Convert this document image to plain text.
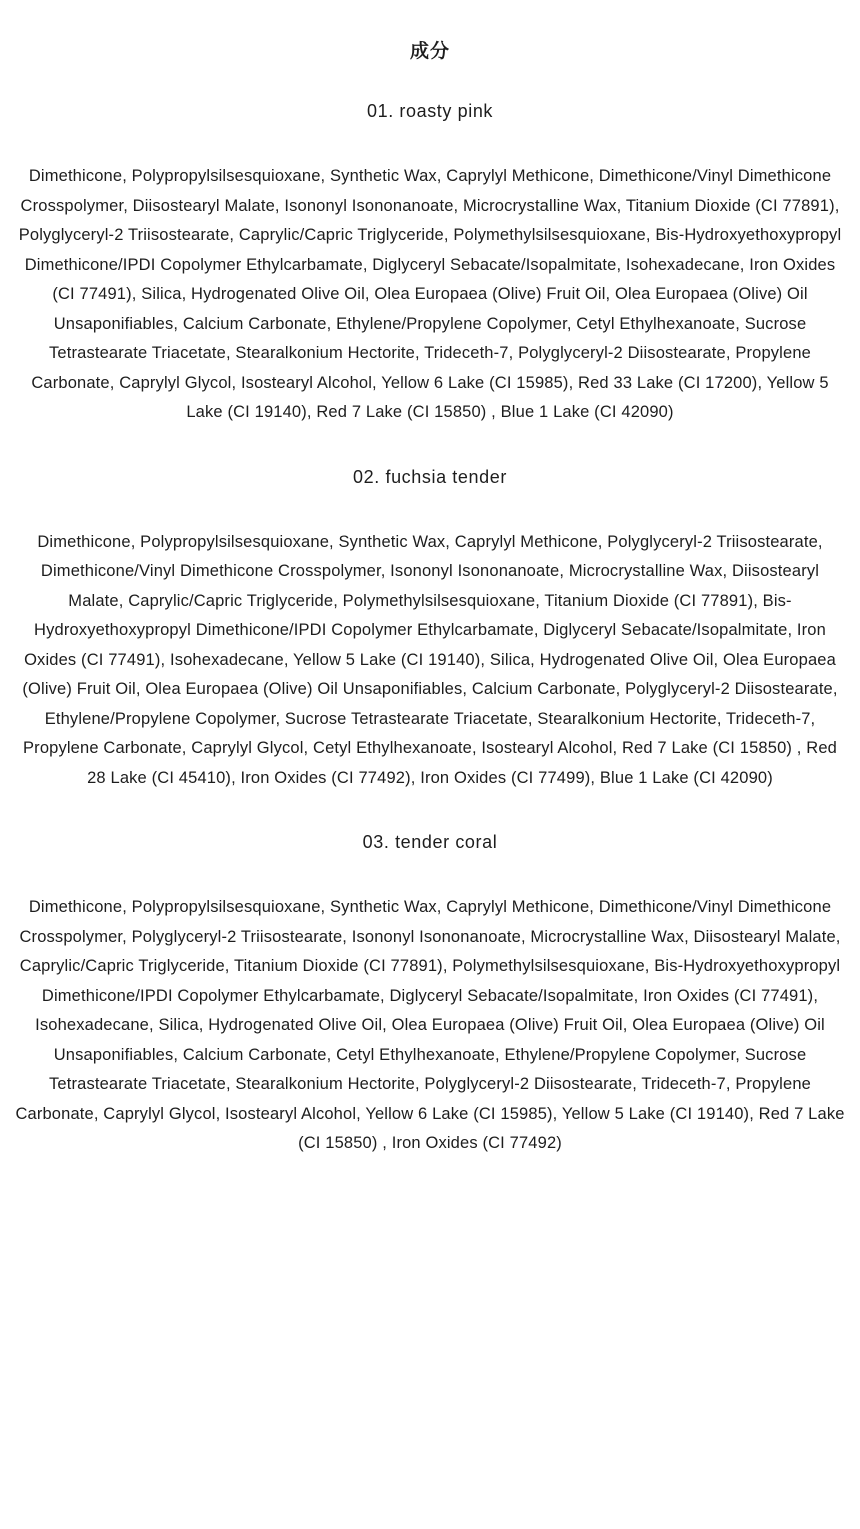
成分
01. roasty pink

Dimethicone, Polypropylsilsesquioxane, Synthetic Wax, Caprylyl Methicone, Dimethicone/Vinyl Dimethicone Crosspolymer, Diisostearyl Malate, Isononyl Isononanoate, Microcrystalline Wax, Titanium Dioxide (CI 77891), Polyglyceryl-2 Triisostearate, Caprylic/Capric Triglyceride, Polymethylsilsesquioxane, Bis-Hydroxyethoxypropyl Dimethicone/IPDI Copolymer Ethylcarbamate, Diglyceryl Sebacate/Isopalmitate, Isohexadecane, Iron Oxides (CI 77491), Silica, Hydrogenated Olive Oil, Olea Europaea (Olive) Fruit Oil, Olea Europaea (Olive) Oil Unsaponifiables, Calcium Carbonate, Ethylene/Propylene Copolymer, Cetyl Ethylhexanoate, Sucrose Tetrastearate Triacetate, Stearalkonium Hectorite, Trideceth-7, Polyglyceryl-2 Diisostearate, Propylene Carbonate, Caprylyl Glycol, Isostearyl Alcohol, Yellow 6 Lake (CI 15985), Red 33 Lake (CI 17200), Yellow 5 Lake (CI 19140), Red 7 Lake (CI 15850) , Blue 1 Lake (CI 42090)

02. fuchsia tender

Dimethicone, Polypropylsilsesquioxane, Synthetic Wax, Caprylyl Methicone, Polyglyceryl-2 Triisostearate, Dimethicone/Vinyl Dimethicone Crosspolymer, Isononyl Isononanoate, Microcrystalline Wax, Diisostearyl Malate, Caprylic/Capric Triglyceride, Polymethylsilsesquioxane, Titanium Dioxide (CI 77891), Bis-Hydroxyethoxypropyl Dimethicone/IPDI Copolymer Ethylcarbamate, Diglyceryl Sebacate/Isopalmitate, Iron Oxides (CI 77491), Isohexadecane, Yellow 5 Lake (CI 19140), Silica, Hydrogenated Olive Oil, Olea Europaea (Olive) Fruit Oil, Olea Europaea (Olive) Oil Unsaponifiables, Calcium Carbonate, Polyglyceryl-2 Diisostearate, Ethylene/Propylene Copolymer, Sucrose Tetrastearate Triacetate, Stearalkonium Hectorite, Trideceth-7, Propylene Carbonate, Caprylyl Glycol, Cetyl Ethylhexanoate, Isostearyl Alcohol, Red 7 Lake (CI 15850) , Red 28 Lake (CI 45410), Iron Oxides (CI 77492), Iron Oxides (CI 77499), Blue 1 Lake (CI 42090)

03. tender coral

Dimethicone, Polypropylsilsesquioxane, Synthetic Wax, Caprylyl Methicone, Dimethicone/Vinyl Dimethicone Crosspolymer, Polyglyceryl-2 Triisostearate, Isononyl Isononanoate, Microcrystalline Wax, Diisostearyl Malate, Caprylic/Capric Triglyceride, Titanium Dioxide (CI 77891), Polymethylsilsesquioxane, Bis-Hydroxyethoxypropyl Dimethicone/IPDI Copolymer Ethylcarbamate, Diglyceryl Sebacate/Isopalmitate, Iron Oxides (CI 77491), Isohexadecane, Silica, Hydrogenated Olive Oil, Olea Europaea (Olive) Fruit Oil, Olea Europaea (Olive) Oil Unsaponifiables, Calcium Carbonate, Cetyl Ethylhexanoate, Ethylene/Propylene Copolymer, Sucrose Tetrastearate Triacetate, Stearalkonium Hectorite, Polyglyceryl-2 Diisostearate, Trideceth-7, Propylene Carbonate, Caprylyl Glycol, Isostearyl Alcohol, Yellow 6 Lake (CI 15985), Yellow 5 Lake (CI 19140), Red 7 Lake (CI 15850) , Iron Oxides (CI 77492)
